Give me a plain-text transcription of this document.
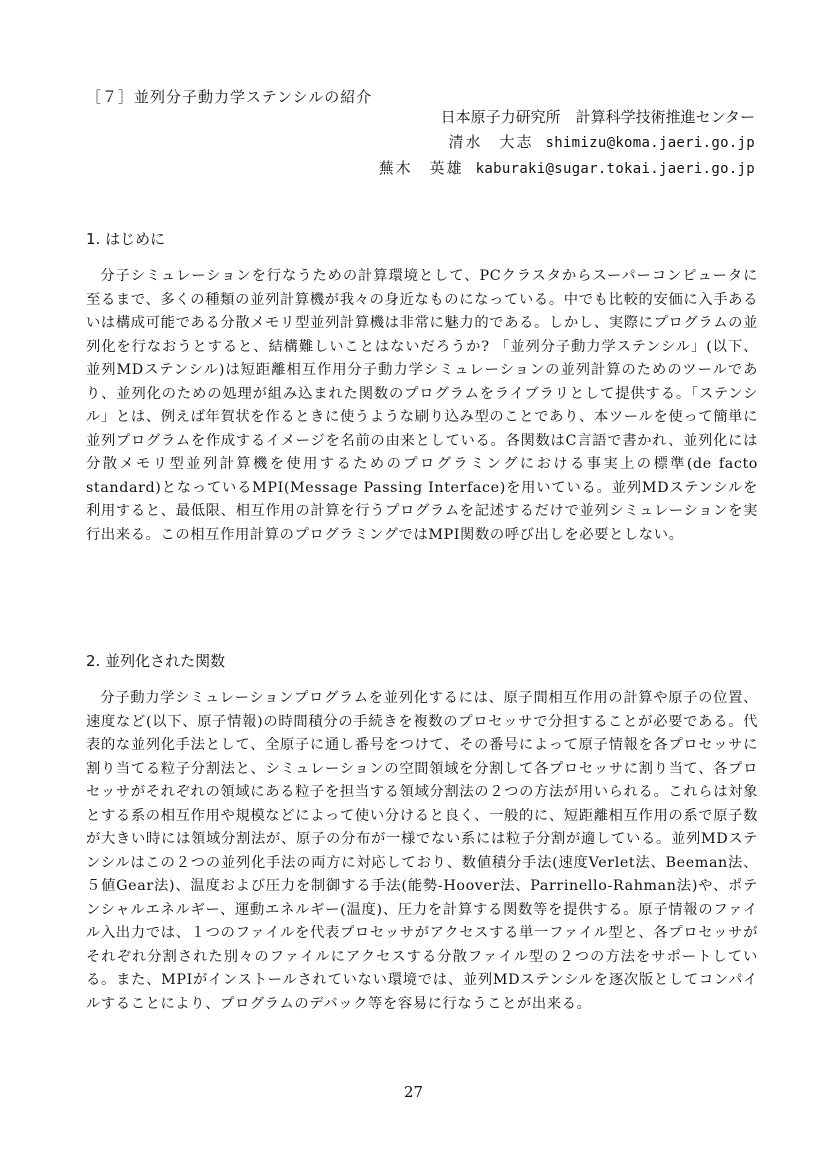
［７］並列分子動力学ステンシルの紹介
日本原子力研究所　計算科学技術推進センター
清水　大志 shimizu@koma.jaeri.go.jp
蕪木　英雄 kaburaki@sugar.tokai.jaeri.go.jp
1. はじめに

分子シミュレーションを行なうための計算環境として、PCクラスタからスーパーコンピュータに至るまで、多くの種類の並列計算機が我々の身近なものになっている。中でも比較的安価に入手あるいは構成可能である分散メモリ型並列計算機は非常に魅力的である。しかし、実際にプログラムの並列化を行なおうとすると、結構難しいことはないだろうか? 「並列分子動力学ステンシル」(以下、並列MDステンシル)は短距離相互作用分子動力学シミュレーションの並列計算のためのツールであり、並列化のための処理が組み込まれた関数のプログラムをライブラリとして提供する。「ステンシル」とは、例えば年賀状を作るときに使うような刷り込み型のことであり、本ツールを使って簡単に並列プログラムを作成するイメージを名前の由来としている。各関数はC言語で書かれ、並列化には分散メモリ型並列計算機を使用するためのプログラミングにおける事実上の標準(de facto standard)となっているMPI(Message Passing Interface)を用いている。並列MDステンシルを利用すると、最低限、相互作用の計算を行うプログラムを記述するだけで並列シミュレーションを実行出来る。この相互作用計算のプログラミングではMPI関数の呼び出しを必要としない。

2. 並列化された関数

分子動力学シミュレーションプログラムを並列化するには、原子間相互作用の計算や原子の位置、速度など(以下、原子情報)の時間積分の手続きを複数のプロセッサで分担することが必要である。代表的な並列化手法として、全原子に通し番号をつけて、その番号によって原子情報を各プロセッサに割り当てる粒子分割法と、シミュレーションの空間領域を分割して各プロセッサに割り当て、各プロセッサがそれぞれの領域にある粒子を担当する領域分割法の２つの方法が用いられる。これらは対象とする系の相互作用や規模などによって使い分けると良く、一般的に、短距離相互作用の系で原子数が大きい時には領域分割法が、原子の分布が一様でない系には粒子分割が適している。並列MDステンシルはこの２つの並列化手法の両方に対応しており、数値積分手法(速度Verlet法、Beeman法、５値Gear法)、温度および圧力を制御する手法(能勢-Hoover法、Parrinello-Rahman法)や、ポテンシャルエネルギー、運動エネルギー(温度)、圧力を計算する関数等を提供する。原子情報のファイル入出力では、１つのファイルを代表プロセッサがアクセスする単一ファイル型と、各プロセッサがそれぞれ分割された別々のファイルにアクセスする分散ファイル型の２つの方法をサポートしている。また、MPIがインストールされていない環境では、並列MDステンシルを逐次版としてコンパイルすることにより、プログラムのデバック等を容易に行なうことが出来る。

27
